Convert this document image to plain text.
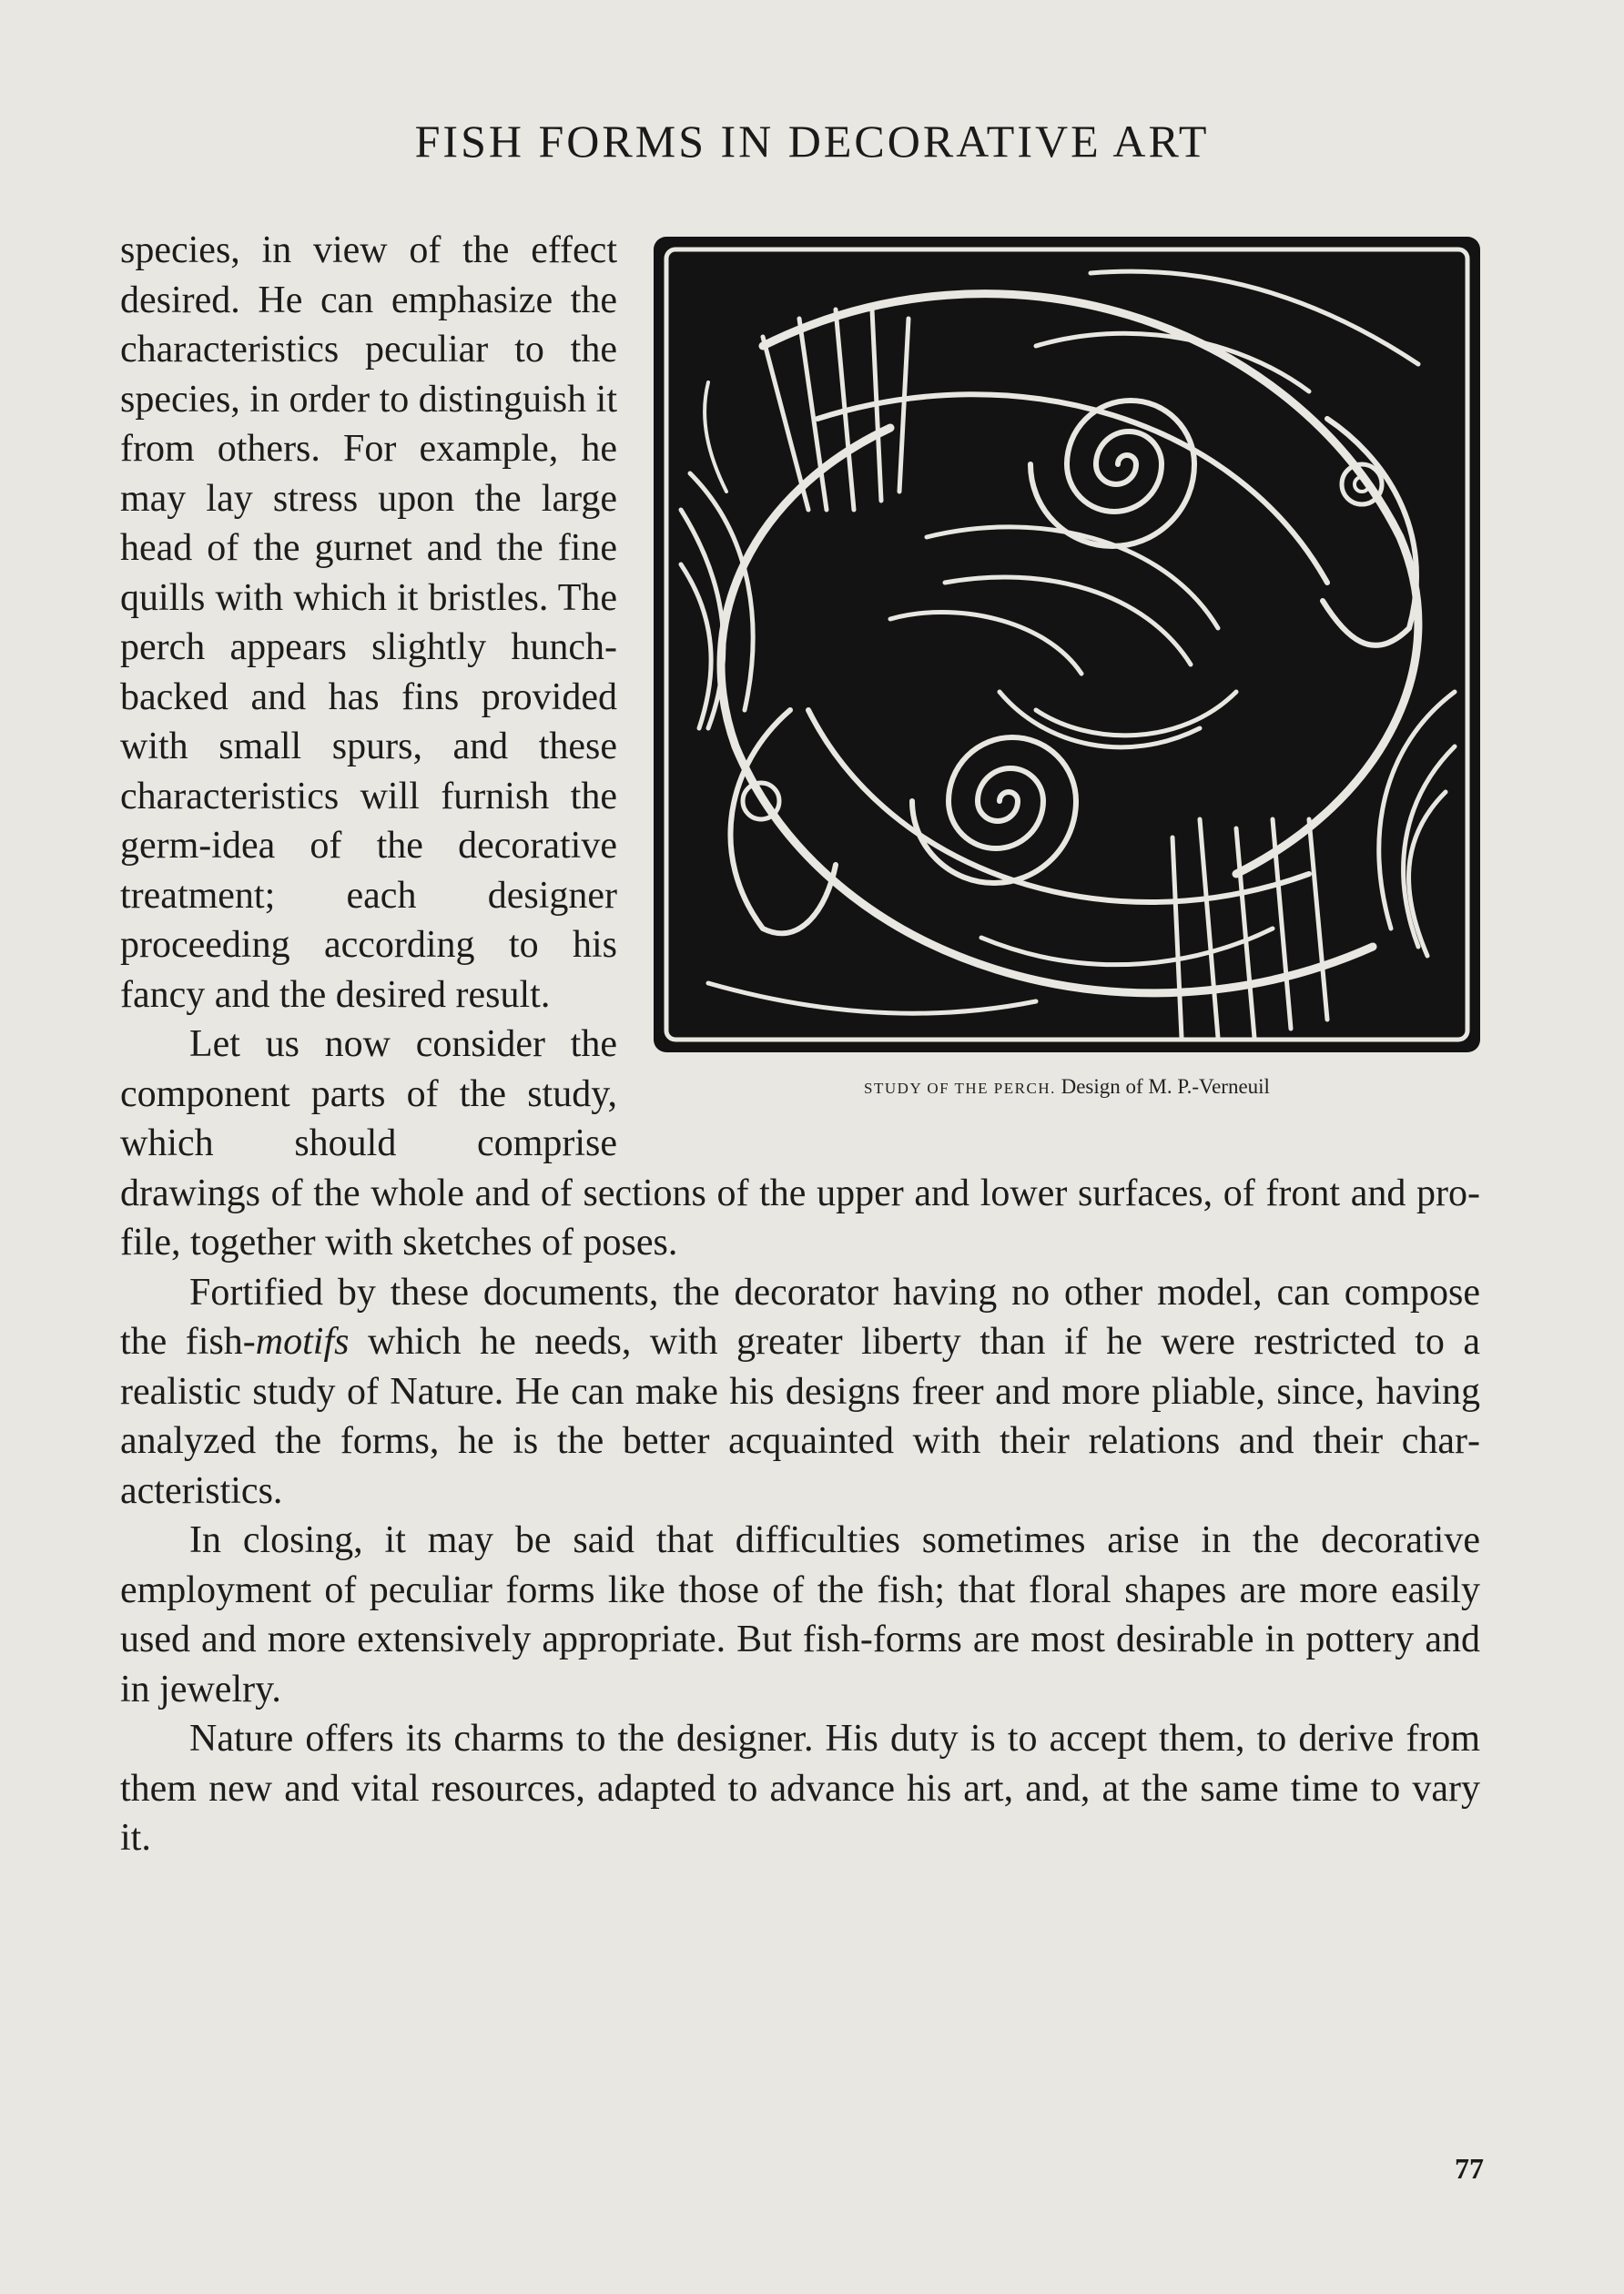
FISH FORMS IN DECORATIVE ART
STUDY OF THE PERCH. Design of M. P.-Verneuil

species, in view of the effect desired. He can emphasize the characteristics peculiar to the species, in order to distinguish it from others. For example, he may lay stress upon the large head of the gurnet and the fine quills with which it bristles. The perch appears slightly hunchbacked and has fins provided with small spurs, and these characteristics will furnish the germ-idea of the decorative treatment; each designer proceeding according to his fancy and the desired result.

Let us now consider the component parts of the study, which should comprise drawings of the whole and of sections of the upper and lower surfaces, of front and profile, together with sketches of poses.

Fortified by these documents, the decorator having no other model, can compose the fish-motifs which he needs, with greater liberty than if he were restricted to a realistic study of Nature. He can make his designs freer and more pliable, since, having analyzed the forms, he is the better acquainted with their relations and their characteristics.

In closing, it may be said that difficulties sometimes arise in the decorative employment of peculiar forms like those of the fish; that floral shapes are more easily used and more extensively appropriate. But fish-forms are most desirable in pottery and in jewelry.

Nature offers its charms to the designer. His duty is to accept them, to derive from them new and vital resources, adapted to advance his art, and, at the same time to vary it.

77
